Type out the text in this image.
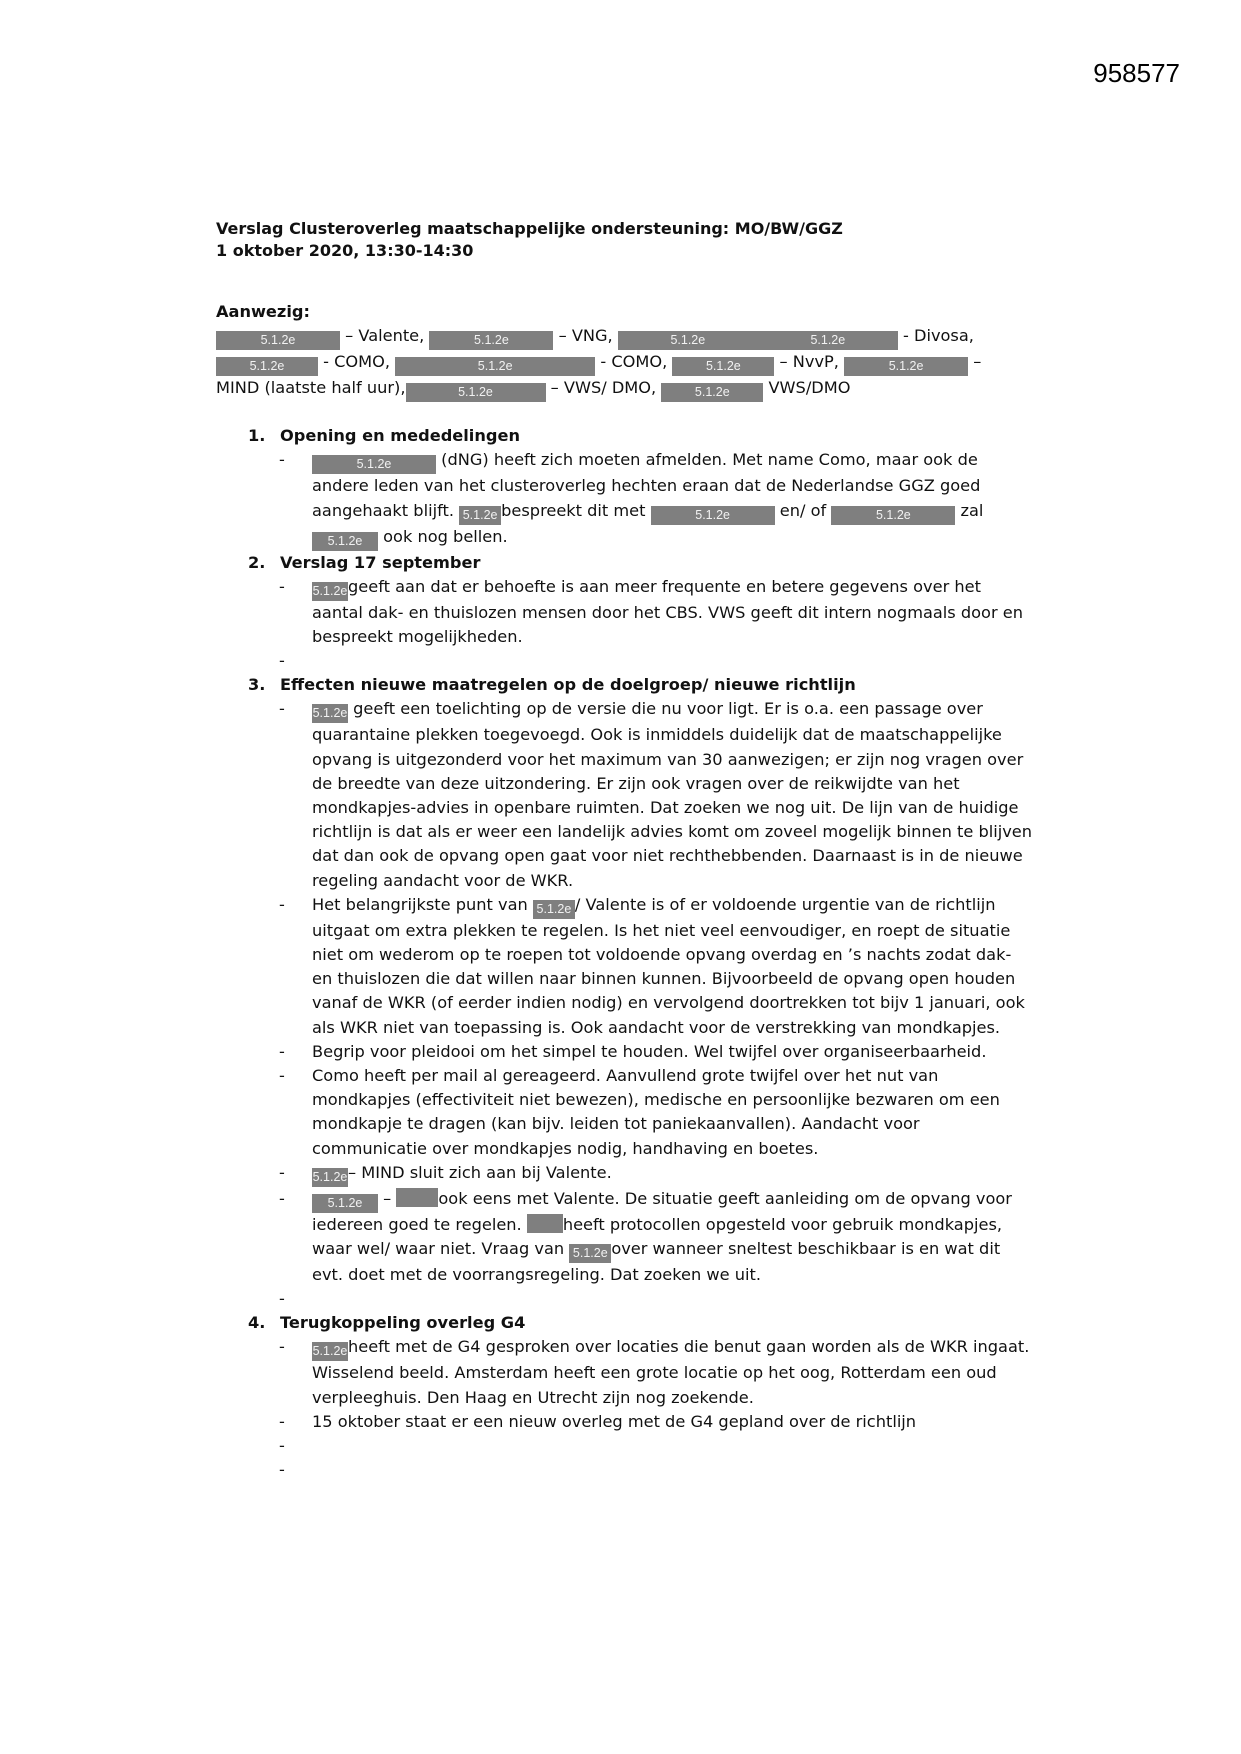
958577

Verslag Clusteroverleg maatschappelijke ondersteuning: MO/BW/GGZ

1 oktober 2020, 13:30-14:30

Aanwezig:

5.1.2e	– Valente,	5.1.2e	– VNG,	5.1.2e	5.1.2e	- Divosa, 5.1.2e - COMO,	5.1.2e	- COMO,	5.1.2e – NvvP,	5.1.2e	–
MIND (laatste half uur),	5.1.2e	– VWS/ DMO,	5.1.2e VWS/DMO

1. Opening en mededelingen

- 5.1.2e	(dNG) heeft zich moeten afmelden. Met name Como, maar ook de andere leden van het clusteroverleg hechten eraan dat de Nederlandse GGZ goed aangehaakt blijft. 5.1.2e bespreekt dit met	5.1.2e	en/ of	5.1.2e	zal 5.1.2e ook nog bellen.

2. Verslag 17 september

- 5.1.2egeeft aan dat er behoefte is aan meer frequente en betere gegevens over het aantal dak- en thuislozen mensen door het CBS. VWS geeft dit intern nogmaals door en bespreekt mogelijkheden.
-

3. Effecten nieuwe maatregelen op de doelgroep/ nieuwe richtlijn

- 5.1.2e geeft een toelichting op de versie die nu voor ligt. Er is o.a. een passage over quarantaine plekken toegevoegd. Ook is inmiddels duidelijk dat de maatschappelijke opvang is uitgezonderd voor het maximum van 30 aanwezigen; er zijn nog vragen over de breedte van deze uitzondering. Er zijn ook vragen over de reikwijdte van het mondkapjes-advies in openbare ruimten. Dat zoeken we nog uit. De lijn van de huidige richtlijn is dat als er weer een landelijk advies komt om zoveel mogelijk binnen te blijven dat dan ook de opvang open gaat voor niet rechthebbenden. Daarnaast is in de nieuwe regeling aandacht voor de WKR.
- Het belangrijkste punt van 5.1.2e / Valente is of er voldoende urgentie van de richtlijn uitgaat om extra plekken te regelen. Is het niet veel eenvoudiger, en roept de situatie niet om wederom op te roepen tot voldoende opvang overdag en ’s nachts zodat dak- en thuislozen die dat willen naar binnen kunnen. Bijvoorbeeld de opvang open houden vanaf de WKR (of eerder indien nodig) en vervolgend doortrekken tot bijv 1 januari, ook als WKR niet van toepassing is. Ook aandacht voor de verstrekking van mondkapjes.
- Begrip voor pleidooi om het simpel te houden. Wel twijfel over organiseerbaarheid.
- Como heeft per mail al gereageerd. Aanvullend grote twijfel over het nut van mondkapjes (effectiviteit niet bewezen), medische en persoonlijke bezwaren om een mondkapje te dragen (kan bijv. leiden tot paniekaanvallen). Aandacht voor communicatie over mondkapjes nodig, handhaving en boetes.
- 5.1.2e– MIND sluit zich aan bij Valente.
- 5.1.2e –	ook eens met Valente. De situatie geeft aanleiding om de opvang voor iedereen goed te regelen. heeft protocollen opgesteld voor gebruik mondkapjes, waar wel/ waar niet. Vraag van 5.1.2e over wanneer sneltest beschikbaar is en wat dit evt. doet met de voorrangsregeling. Dat zoeken we uit.
-

4. Terugkoppeling overleg G4

- 5.1.2eheeft met de G4 gesproken over locaties die benut gaan worden als de WKR ingaat. Wisselend beeld. Amsterdam heeft een grote locatie op het oog, Rotterdam een oud verpleeghuis. Den Haag en Utrecht zijn nog zoekende.
- 15 oktober staat er een nieuw overleg met de G4 gepland over de richtlijn
-
-
